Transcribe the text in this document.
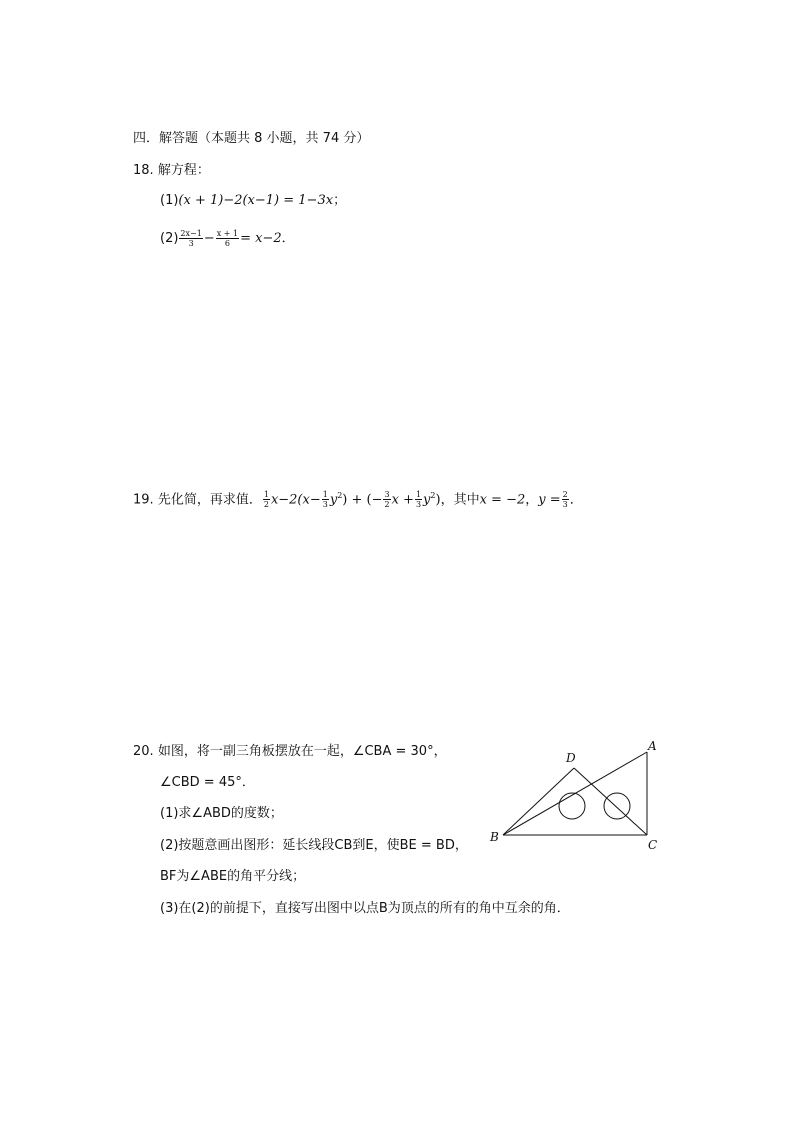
四．解答题（本题共 8 小题，共 74 分）
18. 解方程：
(1)(x + 1)−2(x−1) = 1−3x；
$(2) \frac{2x-1}{3} - \frac{x + 1}{6} = x-2$．
19. 先化简，再求值． $\frac{1}{2} x-2(x- \frac{1}{3} y^2)$ + (− $\frac{3}{2}$ $x + \frac{1}{3} y^2$)，其中x = −2，$y = \frac{2}{3}$ ．
20. 如图，将一副三角板摆放在一起，∠CBA = 30°，
∠CBD = 45°．
(1)求∠ABD的度数；
(2)按题意画出图形：延长线段CB到E，使BE = BD，
BF为∠ABE的角平分线；
(3)在(2)的前提下，直接写出图中以点B为顶点的所有的角中互余的角．
A
B
C
D
